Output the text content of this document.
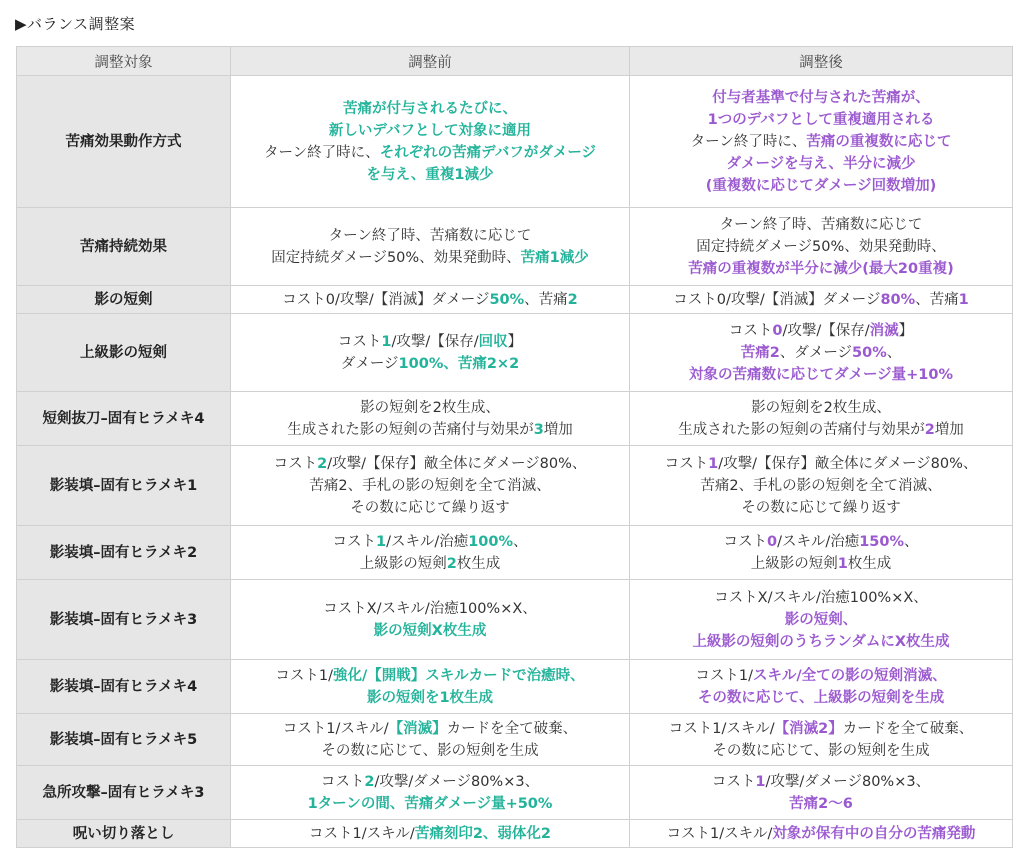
▶バランス調整案
調整対象	調整前	調整後
苦痛効果動作方式	苦痛が付与されるたびに、
新しいデバフとして対象に適用
ターン終了時に、それぞれの苦痛デバフがダメージ
を与え、重複1減少	付与者基準で付与された苦痛が、
1つのデバフとして重複適用される
ターン終了時に、苦痛の重複数に応じて
ダメージを与え、半分に減少
(重複数に応じてダメージ回数増加)

苦痛持続効果	ターン終了時、苦痛数に応じて
固定持続ダメージ50%、効果発動時、苦痛1減少	ターン終了時、苦痛数に応じて
固定持続ダメージ50%、効果発動時、
苦痛の重複数が半分に減少(最大20重複)

影の短剣	コスト0/攻撃/【消滅】ダメージ50%、苦痛2	コスト0/攻撃/【消滅】ダメージ80%、苦痛1

上級影の短剣	コスト1/攻撃/【保存/回収】
ダメージ100%、苦痛2×2	コスト0/攻撃/【保存/消滅】
苦痛2、ダメージ50%、
対象の苦痛数に応じてダメージ量+10%

短剣抜刀–固有ヒラメキ4	影の短剣を2枚生成、
生成された影の短剣の苦痛付与効果が3増加	影の短剣を2枚生成、
生成された影の短剣の苦痛付与効果が2増加

影装填–固有ヒラメキ1	コスト2/攻撃/【保存】敵全体にダメージ80%、
苦痛2、手札の影の短剣を全て消滅、
その数に応じて繰り返す	コスト1/攻撃/【保存】敵全体にダメージ80%、
苦痛2、手札の影の短剣を全て消滅、
その数に応じて繰り返す

影装填–固有ヒラメキ2	コスト1/スキル/治癒100%、
上級影の短剣2枚生成	コスト0/スキル/治癒150%、
上級影の短剣1枚生成

影装填–固有ヒラメキ3	コストX/スキル/治癒100%×X、
影の短剣X枚生成	コストX/スキル/治癒100%×X、
影の短剣、
上級影の短剣のうちランダムにX枚生成

影装填–固有ヒラメキ4	コスト1/強化/【開戦】スキルカードで治癒時、
影の短剣を1枚生成	コスト1/スキル/全ての影の短剣消滅、
その数に応じて、上級影の短剣を生成

影装填–固有ヒラメキ5	コスト1/スキル/【消滅】カードを全て破棄、
その数に応じて、影の短剣を生成	コスト1/スキル/【消滅2】カードを全て破棄、
その数に応じて、影の短剣を生成

急所攻撃–固有ヒラメキ3	コスト2/攻撃/ダメージ80%×3、
1ターンの間、苦痛ダメージ量+50%	コスト1/攻撃/ダメージ80%×3、
苦痛2〜6

呪い切り落とし	コスト1/スキル/苦痛刻印2、弱体化2	コスト1/スキル/対象が保有中の自分の苦痛発動
